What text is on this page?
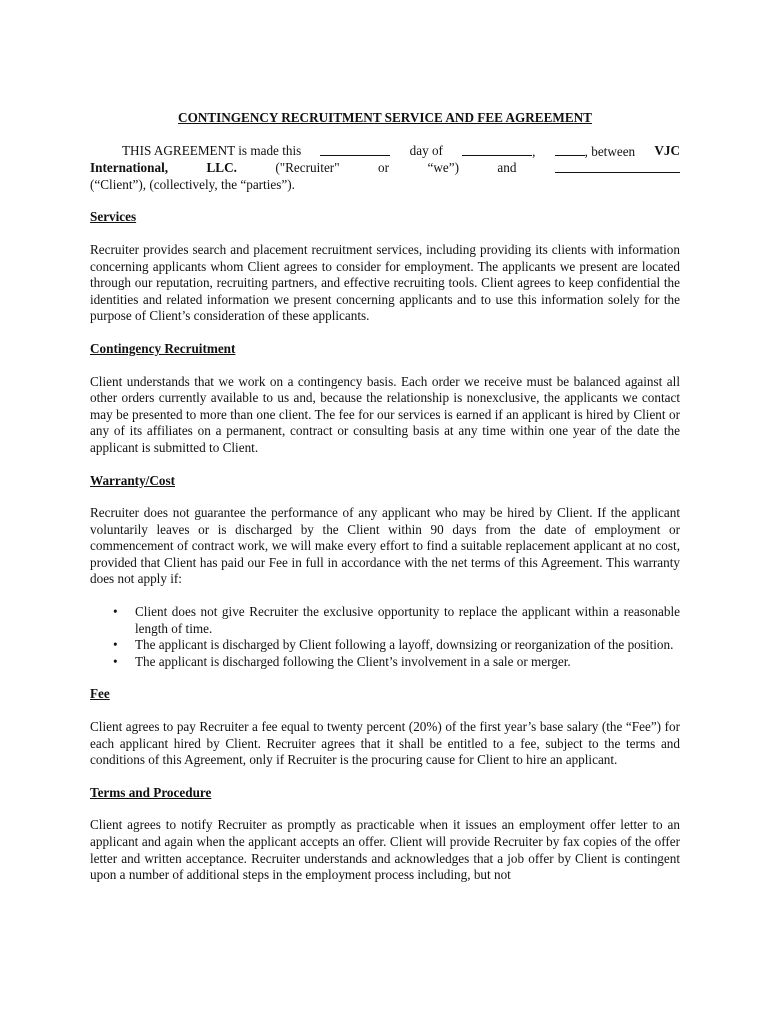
CONTINGENCY RECRUITMENT SERVICE AND FEE AGREEMENT
THIS AGREEMENT is made this	day of	,	, between VJC
International,	LLC.	("Recruiter"	or	“we”)	and
(“Client”), (collectively, the “parties”).
Services

Recruiter provides search and placement recruitment services, including providing its clients with information concerning applicants whom Client agrees to consider for employment. The applicants we present are located through our reputation, recruiting partners, and effective recruiting tools. Client agrees to keep confidential the identities and related information we present concerning applicants and to use this information solely for the purpose of Client’s consideration of these applicants.

Contingency Recruitment

Client understands that we work on a contingency basis. Each order we receive must be balanced against all other orders currently available to us and, because the relationship is nonexclusive, the applicants we contact may be presented to more than one client. The fee for our services is earned if an applicant is hired by Client or any of its affiliates on a permanent, contract or consulting basis at any time within one year of the date the applicant is submitted to Client.

Warranty/Cost

Recruiter does not guarantee the performance of any applicant who may be hired by Client. If the applicant voluntarily leaves or is discharged by the Client within 90 days from the date of employment or commencement of contract work, we will make every effort to find a suitable replacement applicant at no cost, provided that Client has paid our Fee in full in accordance with the net terms of this Agreement. This warranty does not apply if:

• Client does not give Recruiter the exclusive opportunity to replace the applicant within a reasonable length of time.
• The applicant is discharged by Client following a layoff, downsizing or reorganization of the position.
• The applicant is discharged following the Client’s involvement in a sale or merger.
Fee

Client agrees to pay Recruiter a fee equal to twenty percent (20%) of the first year’s base salary (the “Fee”) for each applicant hired by Client. Recruiter agrees that it shall be entitled to a fee, subject to the terms and conditions of this Agreement, only if Recruiter is the procuring cause for Client to hire an applicant.

Terms and Procedure

Client agrees to notify Recruiter as promptly as practicable when it issues an employment offer letter to an applicant and again when the applicant accepts an offer. Client will provide Recruiter by fax copies of the offer letter and written acceptance. Recruiter understands and acknowledges that a job offer by Client is contingent upon a number of additional steps in the employment process including, but not
